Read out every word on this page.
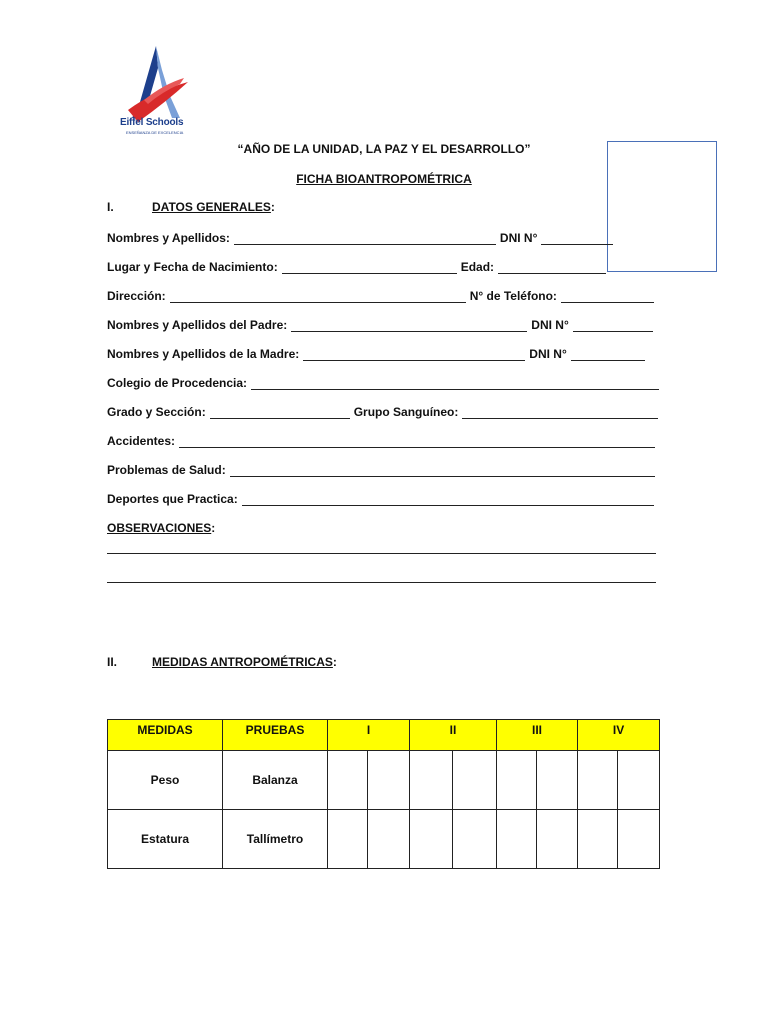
Eiffel Schools
ENSEÑANZA DE EXCELENCIA
“AÑO DE LA UNIDAD, LA PAZ Y EL DESARROLLO”
FICHA BIOANTROPOMÉTRICA
I.	DATOS GENERALES:
Nombres y Apellidos:	DNI N°
Lugar y Fecha de Nacimiento:	Edad:
Dirección:	N° de Teléfono:
Nombres y Apellidos del Padre:	DNI N°
Nombres y Apellidos de la Madre:	DNI N°
Colegio de Procedencia:
Grado y Sección:	Grupo Sanguíneo:
Accidentes:
Problemas de Salud:
Deportes que Practica:
OBSERVACIONES:
II.	MEDIDAS ANTROPOMÉTRICAS:
MEDIDAS	PRUEBAS	I		II		III		IV	
Peso	Balanza								
Estatura	Tallímetro								
